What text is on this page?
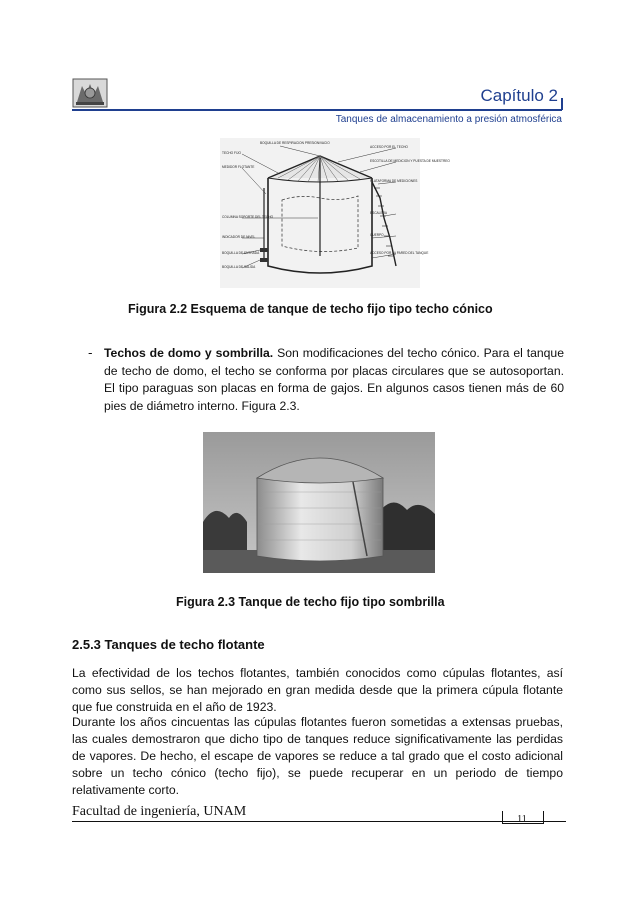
Capítulo 2
Tanques de almacenamiento a presión atmosférica
TECHO FIJO
MEDIDOR FLOTANTE
COLUMNA SOPORTE DEL TECHO
INDICADOR DE NIVEL
BOQUILLA DE ENTRADA
BOQUILLA DE SALIDA
BOQUILLA DE RESPIRACION PRESION/VACIO
ACCESO POR EL TECHO
ESCOTILLA DE MEDICION Y PUESTA DE MUESTREO
PLATAFORMA DE MEDICIONES
ESCALERA
CUERPO
ACCESO POR LA PARED DEL TANQUE
Figura 2.2 Esquema de tanque de techo fijo tipo techo cónico
- Techos de domo y sombrilla. Son modificaciones del techo cónico. Para el tanque de techo de domo, el techo se conforma por placas circulares que se autosoportan. El tipo paraguas son placas en forma de gajos. En algunos casos tienen más de 60 pies de diámetro interno. Figura 2.3.
Figura 2.3 Tanque de techo fijo tipo sombrilla
2.5.3 Tanques de techo flotante
La efectividad de los techos flotantes, también conocidos como cúpulas flotantes, así como sus sellos, se han mejorado en gran medida desde que la primera cúpula flotante que fue construida en el año de 1923.
Durante los años cincuentas las cúpulas flotantes fueron sometidas a extensas pruebas, las cuales demostraron que dicho tipo de tanques reduce significativamente las perdidas de vapores. De hecho, el escape de vapores se reduce a tal grado que el costo adicional sobre un techo cónico (techo fijo), se puede recuperar en un periodo de tiempo relativamente corto.
Facultad de ingeniería, UNAM
11
